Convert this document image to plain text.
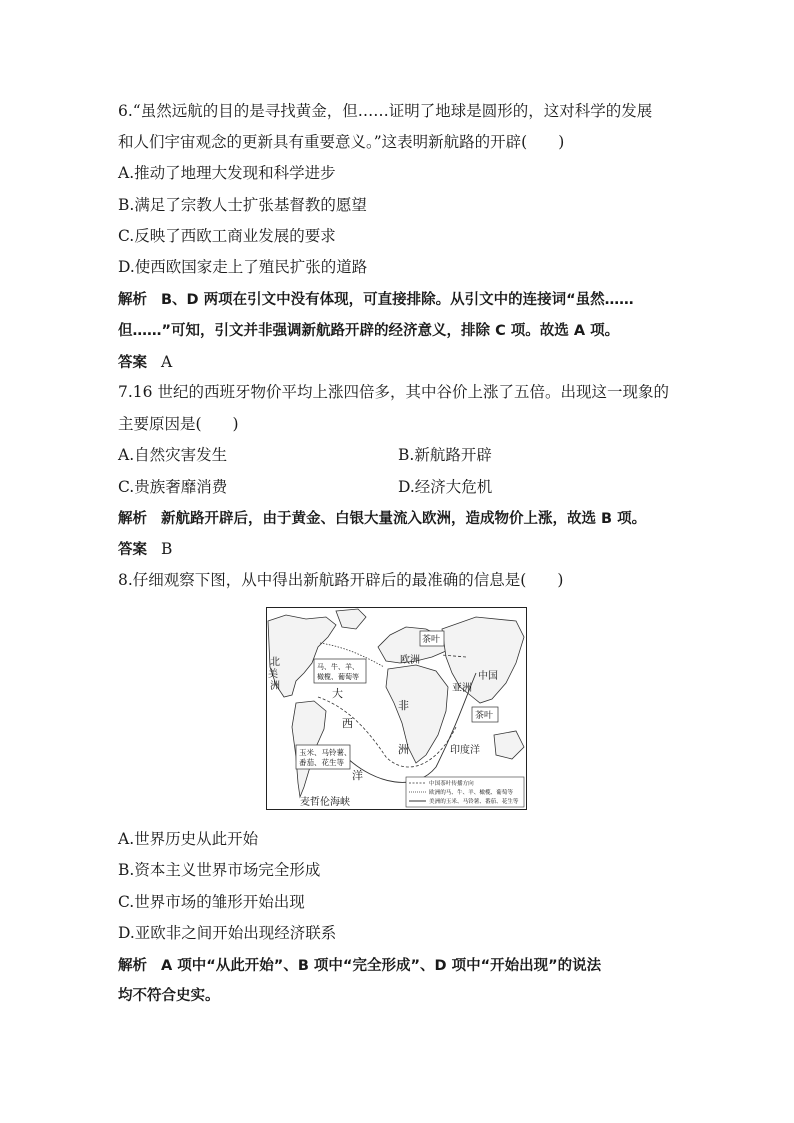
6.“虽然远航的目的是寻找黄金，但……证明了地球是圆形的，这对科学的发展
和人们宇宙观念的更新具有重要意义。”这表明新航路的开辟(　　)
A.推动了地理大发现和科学进步
B.满足了宗教人士扩张基督教的愿望
C.反映了西欧工商业发展的要求
D.使西欧国家走上了殖民扩张的道路
解析 B、D 两项在引文中没有体现，可直接排除。从引文中的连接词“虽然……
但……”可知，引文并非强调新航路开辟的经济意义，排除 C 项。故选 A 项。
答案 A
7.16 世纪的西班牙物价平均上涨四倍多，其中谷价上涨了五倍。出现这一现象的
主要原因是(　　)
A.自然灾害发生	B.新航路开辟
C.贵族奢靡消费	D.经济大危机
解析 新航路开辟后，由于黄金、白银大量流入欧洲，造成物价上涨，故选 B 项。
答案 B
8.仔细观察下图，从中得出新航路开辟后的最准确的信息是(　　)
北
美
洲
马、牛、羊、
橄榄、葡萄等
大
西
洋
玉米、马铃薯、
番茄、花生等
欧洲
茶叶
中国
亚洲
茶叶
非
洲	印度洋
麦哲伦海峡
中国茶叶传播方向
欧洲的马、牛、羊、橄榄、葡萄等
美洲的玉米、马铃薯、番茄、花生等
A.世界历史从此开始
B.资本主义世界市场完全形成
C.世界市场的雏形开始出现
D.亚欧非之间开始出现经济联系
解析 A 项中“从此开始”、B 项中“完全形成”、D 项中“开始出现”的说法
均不符合史实。
